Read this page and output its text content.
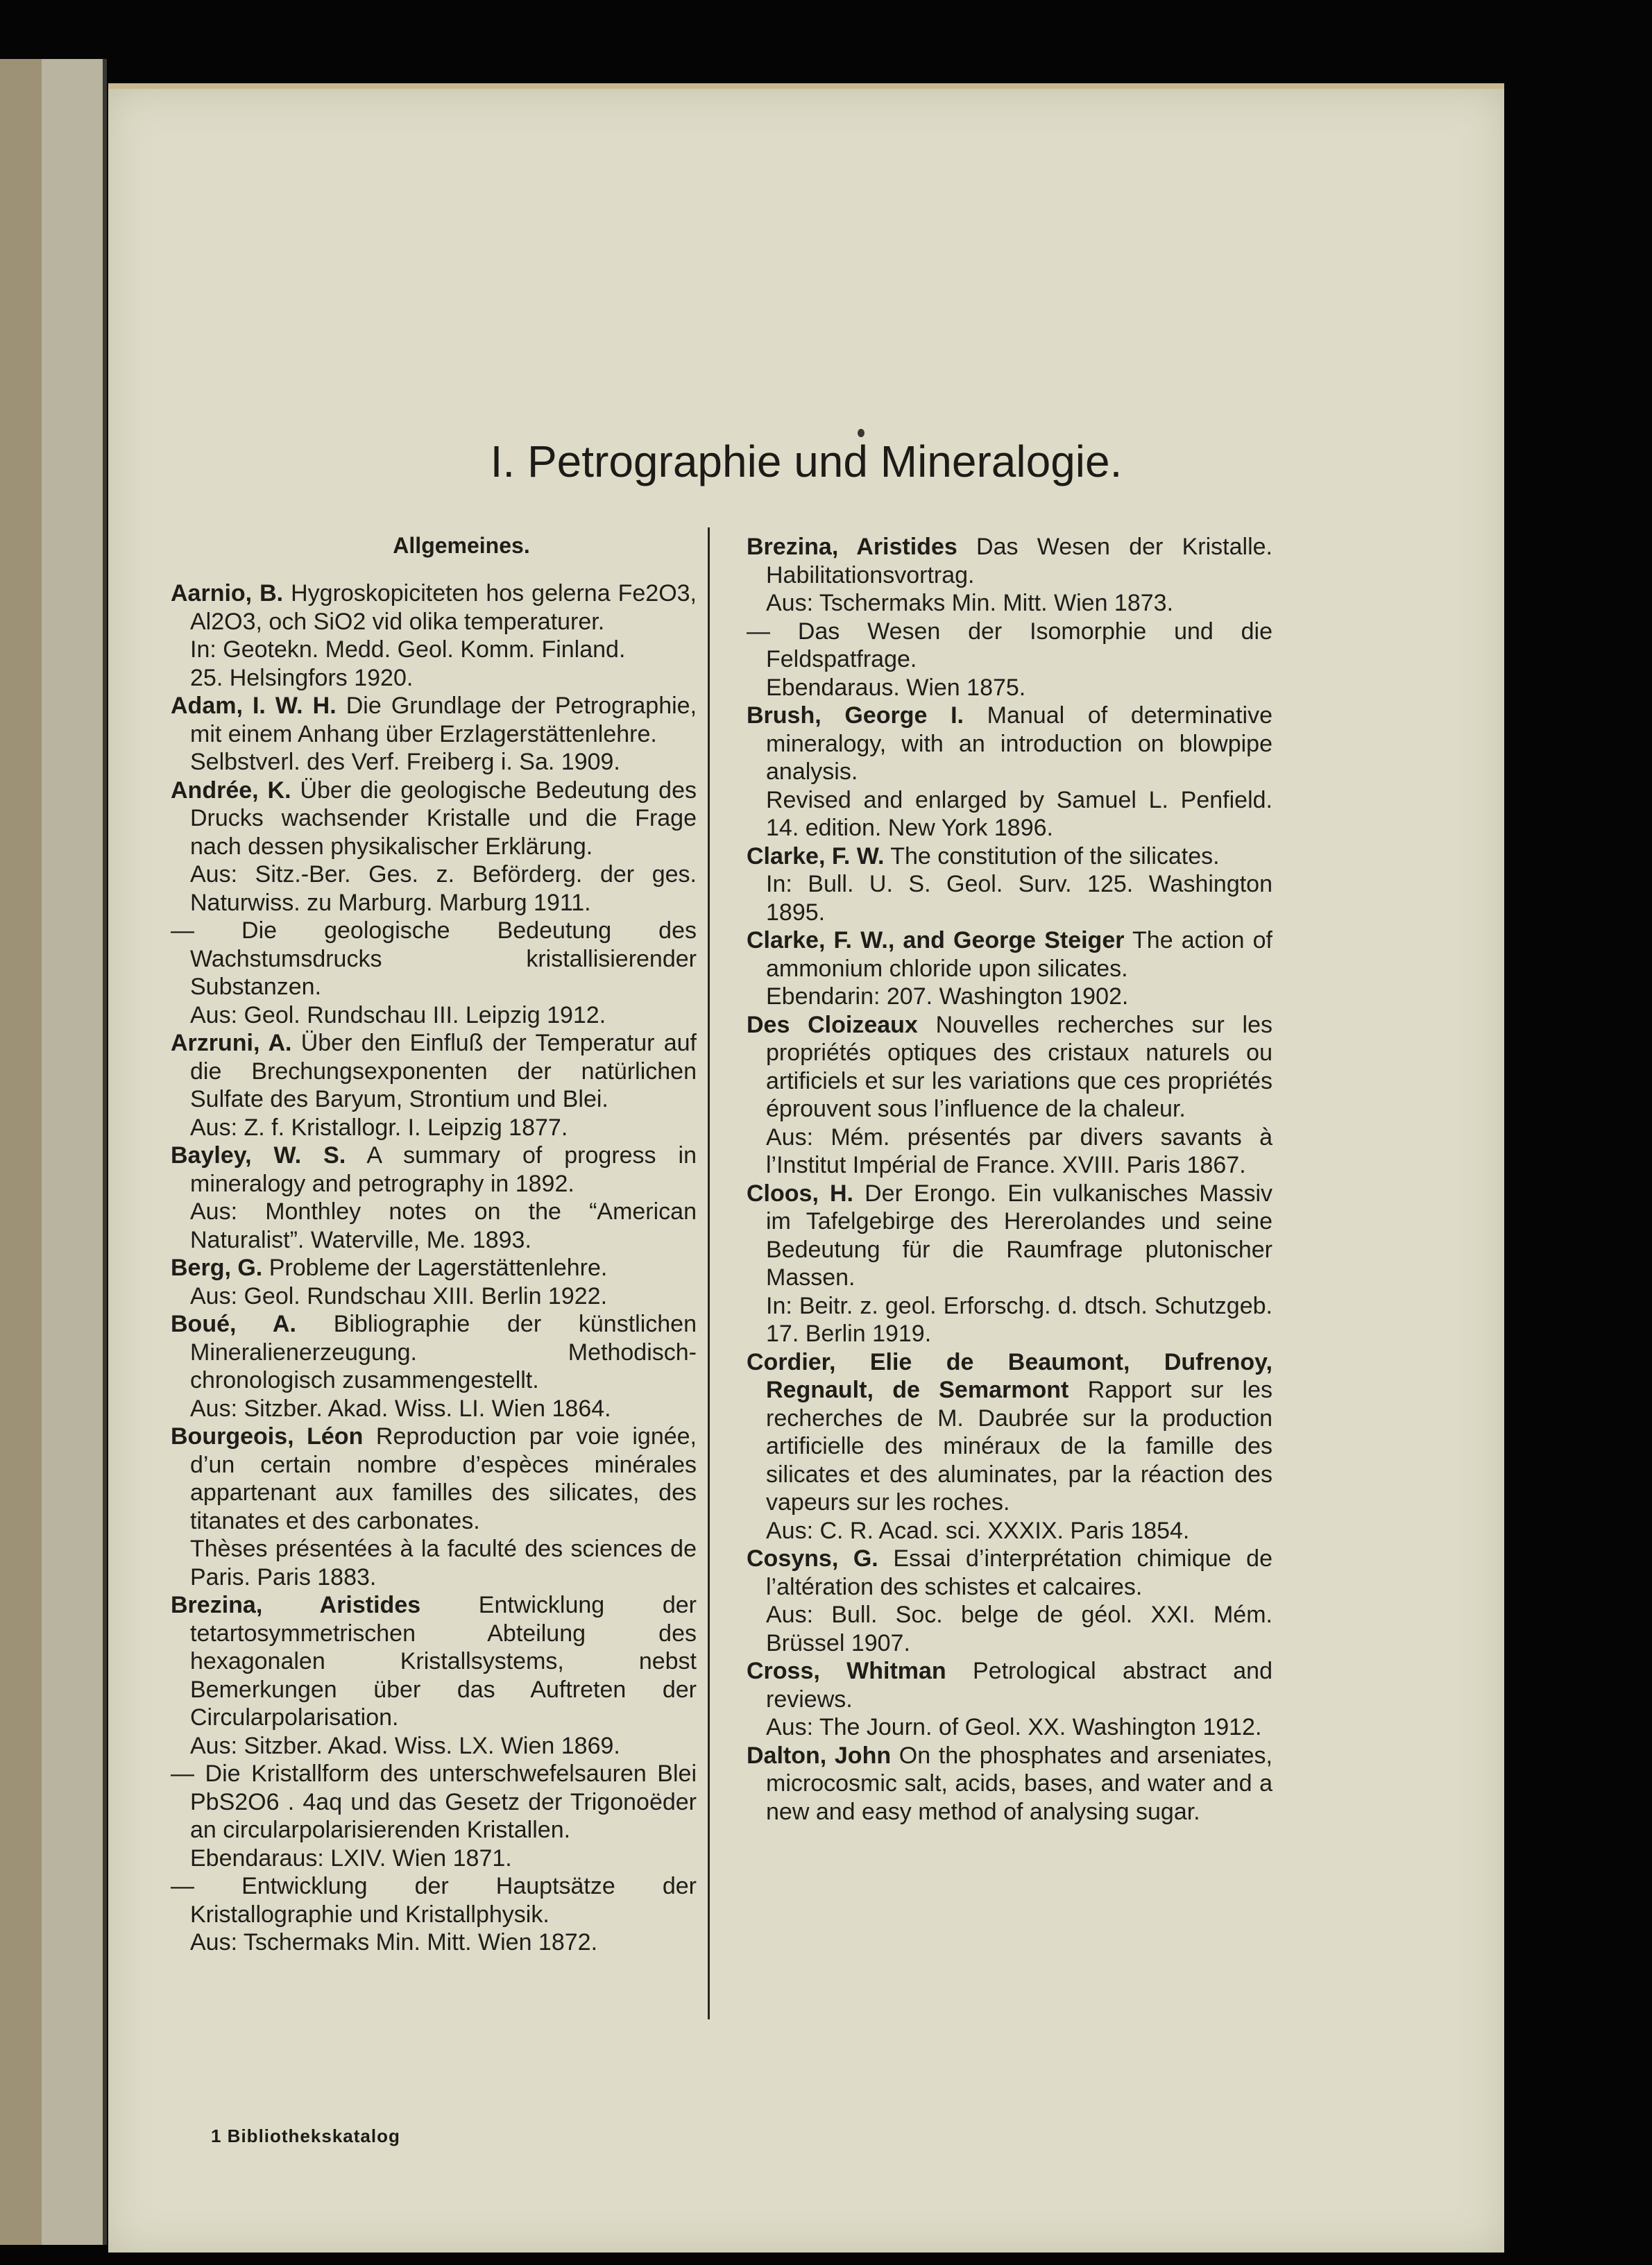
I. Petrographie und Mineralogie.
Allgemeines.
Aarnio, B. Hygroskopiciteten hos gelerna Fe2O3, Al2O3, och SiO2 vid olika temperaturer.
In: Geotekn. Medd. Geol. Komm. Finland.
25. Helsingfors 1920.
Adam, I. W. H. Die Grundlage der Petrographie, mit einem Anhang über Erzlagerstättenlehre.
Selbstverl. des Verf. Freiberg i. Sa. 1909.
Andrée, K. Über die geologische Bedeutung des Drucks wachsender Kristalle und die Frage nach dessen physikalischer Erklärung.
Aus: Sitz.-Ber. Ges. z. Beförderg. der ges. Naturwiss. zu Marburg. Marburg 1911.
— Die geologische Bedeutung des Wachstumsdrucks kristallisierender Substanzen.
Aus: Geol. Rundschau III. Leipzig 1912.
Arzruni, A. Über den Einfluß der Temperatur auf die Brechungsexponenten der natürlichen Sulfate des Baryum, Strontium und Blei.
Aus: Z. f. Kristallogr. I. Leipzig 1877.
Bayley, W. S. A summary of progress in mineralogy and petrography in 1892.
Aus: Monthley notes on the “American Naturalist”. Waterville, Me. 1893.
Berg, G. Probleme der Lagerstättenlehre.
Aus: Geol. Rundschau XIII. Berlin 1922.
Boué, A. Bibliographie der künstlichen Mineralienerzeugung. Methodisch-chronologisch zusammengestellt.
Aus: Sitzber. Akad. Wiss. LI. Wien 1864.
Bourgeois, Léon Reproduction par voie ignée, d’un certain nombre d’espèces minérales appartenant aux familles des silicates, des titanates et des carbonates.
Thèses présentées à la faculté des sciences de Paris. Paris 1883.
Brezina, Aristides Entwicklung der tetartosymmetrischen Abteilung des hexagonalen Kristallsystems, nebst Bemerkungen über das Auftreten der Circularpolarisation.
Aus: Sitzber. Akad. Wiss. LX. Wien 1869.
— Die Kristallform des unterschwefelsauren Blei PbS2O6 . 4aq und das Gesetz der Trigonoëder an circularpolarisierenden Kristallen.
Ebendaraus: LXIV. Wien 1871.
— Entwicklung der Hauptsätze der Kristallographie und Kristallphysik.
Aus: Tschermaks Min. Mitt. Wien 1872.
Brezina, Aristides Das Wesen der Kristalle. Habilitationsvortrag.
Aus: Tschermaks Min. Mitt. Wien 1873.
— Das Wesen der Isomorphie und die Feldspatfrage.
Ebendaraus. Wien 1875.
Brush, George I. Manual of determinative mineralogy, with an introduction on blowpipe analysis.
Revised and enlarged by Samuel L. Penfield. 14. edition. New York 1896.
Clarke, F. W. The constitution of the silicates.
In: Bull. U. S. Geol. Surv. 125. Washington 1895.
Clarke, F. W., and George Steiger The action of ammonium chloride upon silicates.
Ebendarin: 207. Washington 1902.
Des Cloizeaux Nouvelles recherches sur les propriétés optiques des cristaux naturels ou artificiels et sur les variations que ces propriétés éprouvent sous l’influence de la chaleur.
Aus: Mém. présentés par divers savants à l’Institut Impérial de France. XVIII. Paris 1867.
Cloos, H. Der Erongo. Ein vulkanisches Massiv im Tafelgebirge des Hererolandes und seine Bedeutung für die Raumfrage plutonischer Massen.
In: Beitr. z. geol. Erforschg. d. dtsch. Schutzgeb. 17. Berlin 1919.
Cordier, Elie de Beaumont, Dufrenoy, Regnault, de Semarmont Rapport sur les recherches de M. Daubrée sur la production artificielle des minéraux de la famille des silicates et des aluminates, par la réaction des vapeurs sur les roches.
Aus: C. R. Acad. sci. XXXIX. Paris 1854.
Cosyns, G. Essai d’interprétation chimique de l’altération des schistes et calcaires.
Aus: Bull. Soc. belge de géol. XXI. Mém. Brüssel 1907.
Cross, Whitman Petrological abstract and reviews.
Aus: The Journ. of Geol. XX. Washington 1912.
Dalton, John On the phosphates and arseniates, microcosmic salt, acids, bases, and water and a new and easy method of analysing sugar.
1 Bibliothekskatalog
